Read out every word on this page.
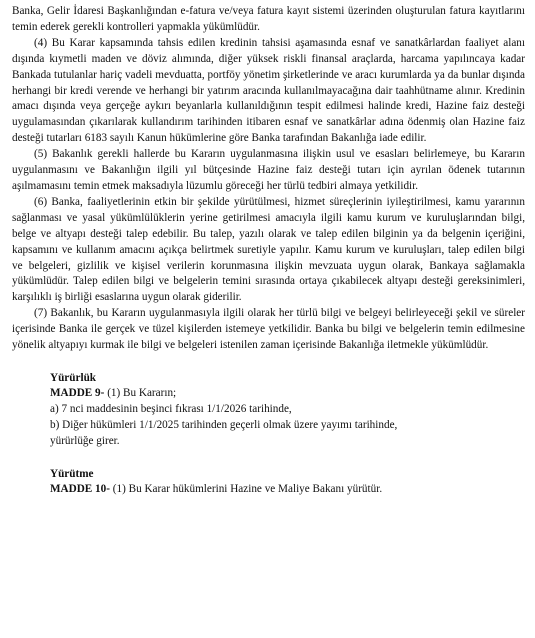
Banka, Gelir İdaresi Başkanlığından e-fatura ve/veya fatura kayıt sistemi üzerinden oluşturulan fatura kayıtlarını temin ederek gerekli kontrolleri yapmakla yükümlüdür.

(4) Bu Karar kapsamında tahsis edilen kredinin tahsisi aşamasında esnaf ve sanatkârlardan faaliyet alanı dışında kıymetli maden ve döviz alımında, diğer yüksek riskli finansal araçlarda, harcama yapılıncaya kadar Bankada tutulanlar hariç vadeli mevduatta, portföy yönetim şirketlerinde ve aracı kurumlarda ya da bunlar dışında herhangi bir kredi verende ve herhangi bir yatırım aracında kullanılmayacağına dair taahhütname alınır. Kredinin amacı dışında veya gerçeğe aykırı beyanlarla kullanıldığının tespit edilmesi halinde kredi, Hazine faiz desteği uygulamasından çıkarılarak kullandırım tarihinden itibaren esnaf ve sanatkârlar adına ödenmiş olan Hazine faiz desteği tutarları 6183 sayılı Kanun hükümlerine göre Banka tarafından Bakanlığa iade edilir.

(5) Bakanlık gerekli hallerde bu Kararın uygulanmasına ilişkin usul ve esasları belirlemeye, bu Kararın uygulanmasını ve Bakanlığın ilgili yıl bütçesinde Hazine faiz desteği tutarı için ayrılan ödenek tutarının aşılmamasını temin etmek maksadıyla lüzumlu göreceği her türlü tedbiri almaya yetkilidir.

(6) Banka, faaliyetlerinin etkin bir şekilde yürütülmesi, hizmet süreçlerinin iyileştirilmesi, kamu yararının sağlanması ve yasal yükümlülüklerin yerine getirilmesi amacıyla ilgili kamu kurum ve kuruluşlarından bilgi, belge ve altyapı desteği talep edebilir. Bu talep, yazılı olarak ve talep edilen bilginin ya da belgenin içeriğini, kapsamını ve kullanım amacını açıkça belirtmek suretiyle yapılır. Kamu kurum ve kuruluşları, talep edilen bilgi ve belgeleri, gizlilik ve kişisel verilerin korunmasına ilişkin mevzuata uygun olarak, Bankaya sağlamakla yükümlüdür. Talep edilen bilgi ve belgelerin temini sırasında ortaya çıkabilecek altyapı desteği gereksinimleri, karşılıklı iş birliği esaslarına uygun olarak giderilir.

(7) Bakanlık, bu Kararın uygulanmasıyla ilgili olarak her türlü bilgi ve belgeyi belirleyeceği şekil ve süreler içerisinde Banka ile gerçek ve tüzel kişilerden istemeye yetkilidir. Banka bu bilgi ve belgelerin temin edilmesine yönelik altyapıyı kurmak ile bilgi ve belgeleri istenilen zaman içerisinde Bakanlığa iletmekle yükümlüdür.

Yürürlük

MADDE 9- (1) Bu Kararın;
a) 7 nci maddesinin beşinci fıkrası 1/1/2026 tarihinde,
b) Diğer hükümleri 1/1/2025 tarihinden geçerli olmak üzere yayımı tarihinde,
yürürlüğe girer.

Yürütme

MADDE 10- (1) Bu Karar hükümlerini Hazine ve Maliye Bakanı yürütür.
